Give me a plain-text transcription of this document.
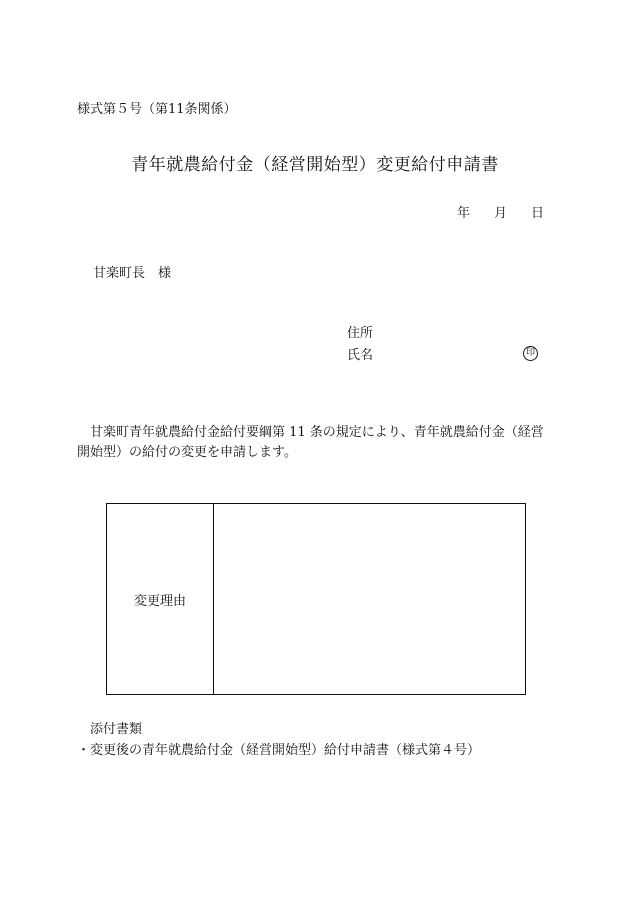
様式第５号（第11条関係）
青年就農給付金（経営開始型）変更給付申請書
年 月 日
甘楽町長 様
住所
氏名	印
甘楽町青年就農給付金給付要綱第 11 条の規定により、青年就農給付金（経営開始型）の給付の変更を申請します。
変更理由
添付書類
・変更後の青年就農給付金（経営開始型）給付申請書（様式第４号）
